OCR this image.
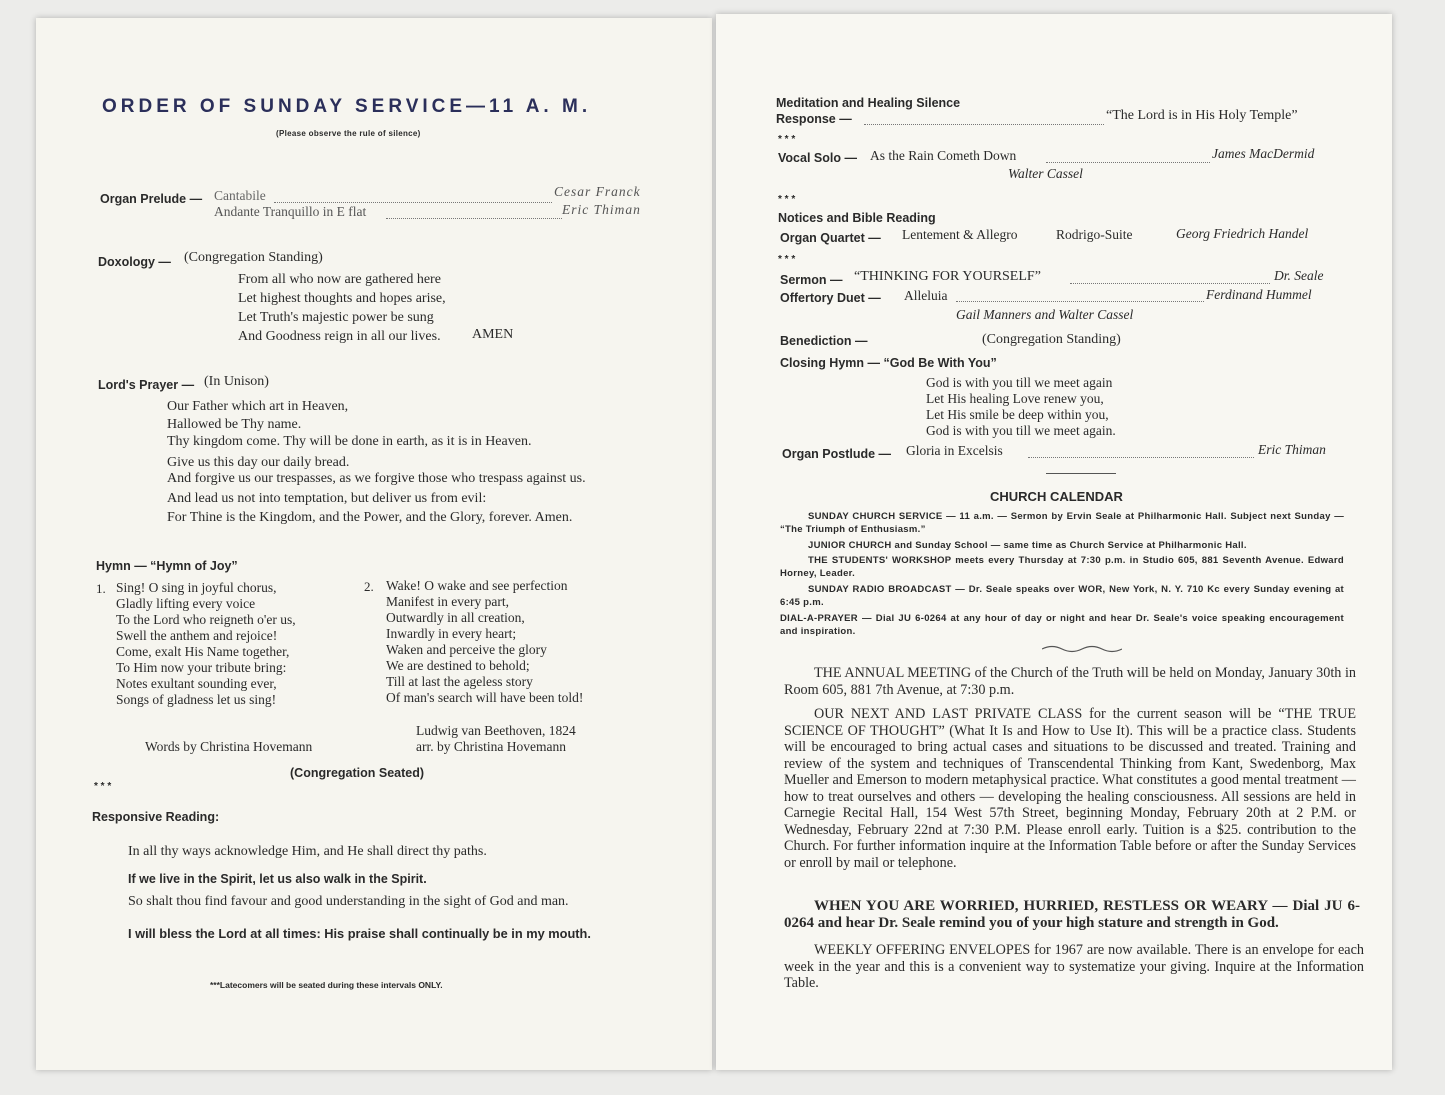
ORDER OF SUNDAY SERVICE—11 A. M.
(Please observe the rule of silence)
Organ Prelude — Cantabile	Cesar Franck
Andante Tranquillo in E flat	Eric Thiman
Doxology — (Congregation Standing)
From all who now are gathered here
Let highest thoughts and hopes arise,
Let Truth's majestic power be sung
And Goodness reign in all our lives. AMEN
Lord's Prayer — (In Unison)
Our Father which art in Heaven,
Hallowed be Thy name.
Thy kingdom come. Thy will be done in earth, as it is in Heaven.
Give us this day our daily bread.
And forgive us our trespasses, as we forgive those who trespass against us.
And lead us not into temptation, but deliver us from evil:
For Thine is the Kingdom, and the Power, and the Glory, forever. Amen.
Hymn — “Hymn of Joy”
1. Sing! O sing in joyful chorus,
Gladly lifting every voice
To the Lord who reigneth o'er us,
Swell the anthem and rejoice!
Come, exalt His Name together,
To Him now your tribute bring:
Notes exultant sounding ever,
Songs of gladness let us sing!
2. Wake! O wake and see perfection
Manifest in every part,
Outwardly in all creation,
Inwardly in every heart;
Waken and perceive the glory
We are destined to behold;
Till at last the ageless story
Of man's search will have been told!
Ludwig van Beethoven, 1824
Words by Christina Hovemann	arr. by Christina Hovemann
(Congregation Seated)
* * *
Responsive Reading:
In all thy ways acknowledge Him, and He shall direct thy paths.
If we live in the Spirit, let us also walk in the Spirit.
So shalt thou find favour and good understanding in the sight of God and man.
I will bless the Lord at all times: His praise shall continually be in my mouth.
***Latecomers will be seated during these intervals ONLY.
Meditation and Healing Silence
Response —	“The Lord is in His Holy Temple”
* * *
Vocal Solo — As the Rain Cometh Down	James MacDermid
Walter Cassel
* * *
Notices and Bible Reading
Organ Quartet — Lentement & Allegro	Rodrigo-Suite	Georg Friedrich Handel
* * *
Sermon — “THINKING FOR YOURSELF”	Dr. Seale
Offertory Duet — Alleluia	Ferdinand Hummel
Gail Manners and Walter Cassel
Benediction —	(Congregation Standing)
Closing Hymn — “God Be With You”
God is with you till we meet again
Let His healing Love renew you,
Let His smile be deep within you,
God is with you till we meet again.
Organ Postlude — Gloria in Excelsis	Eric Thiman
CHURCH CALENDAR
SUNDAY CHURCH SERVICE — 11 a.m. — Sermon by Ervin Seale at Philharmonic Hall. Subject next Sunday — “The Triumph of Enthusiasm.”
JUNIOR CHURCH and Sunday School — same time as Church Service at Philharmonic Hall.
THE STUDENTS' WORKSHOP meets every Thursday at 7:30 p.m. in Studio 605, 881 Seventh Avenue. Edward Horney, Leader.
SUNDAY RADIO BROADCAST — Dr. Seale speaks over WOR, New York, N. Y. 710 Kc every Sunday evening at 6:45 p.m.
DIAL-A-PRAYER — Dial JU 6-0264 at any hour of day or night and hear Dr. Seale's voice speaking encouragement and inspiration.
THE ANNUAL MEETING of the Church of the Truth will be held on Monday, January 30th in Room 605, 881 7th Avenue, at 7:30 p.m.
OUR NEXT AND LAST PRIVATE CLASS for the current season will be “THE TRUE SCIENCE OF THOUGHT” (What It Is and How to Use It). This will be a practice class. Students will be encouraged to bring actual cases and situations to be discussed and treated. Training and review of the system and techniques of Transcendental Thinking from Kant, Swedenborg, Max Mueller and Emerson to modern metaphysical practice. What constitutes a good mental treatment — how to treat ourselves and others — developing the healing consciousness. All sessions are held in Carnegie Recital Hall, 154 West 57th Street, beginning Monday, February 20th at 2 P.M. or Wednesday, February 22nd at 7:30 P.M. Please enroll early. Tuition is a $25. contribution to the Church. For further information inquire at the Information Table before or after the Sunday Services or enroll by mail or telephone.
WHEN YOU ARE WORRIED, HURRIED, RESTLESS OR WEARY — Dial JU 6-0264 and hear Dr. Seale remind you of your high stature and strength in God.
WEEKLY OFFERING ENVELOPES for 1967 are now available. There is an envelope for each week in the year and this is a convenient way to systematize your giving. Inquire at the Information Table.
